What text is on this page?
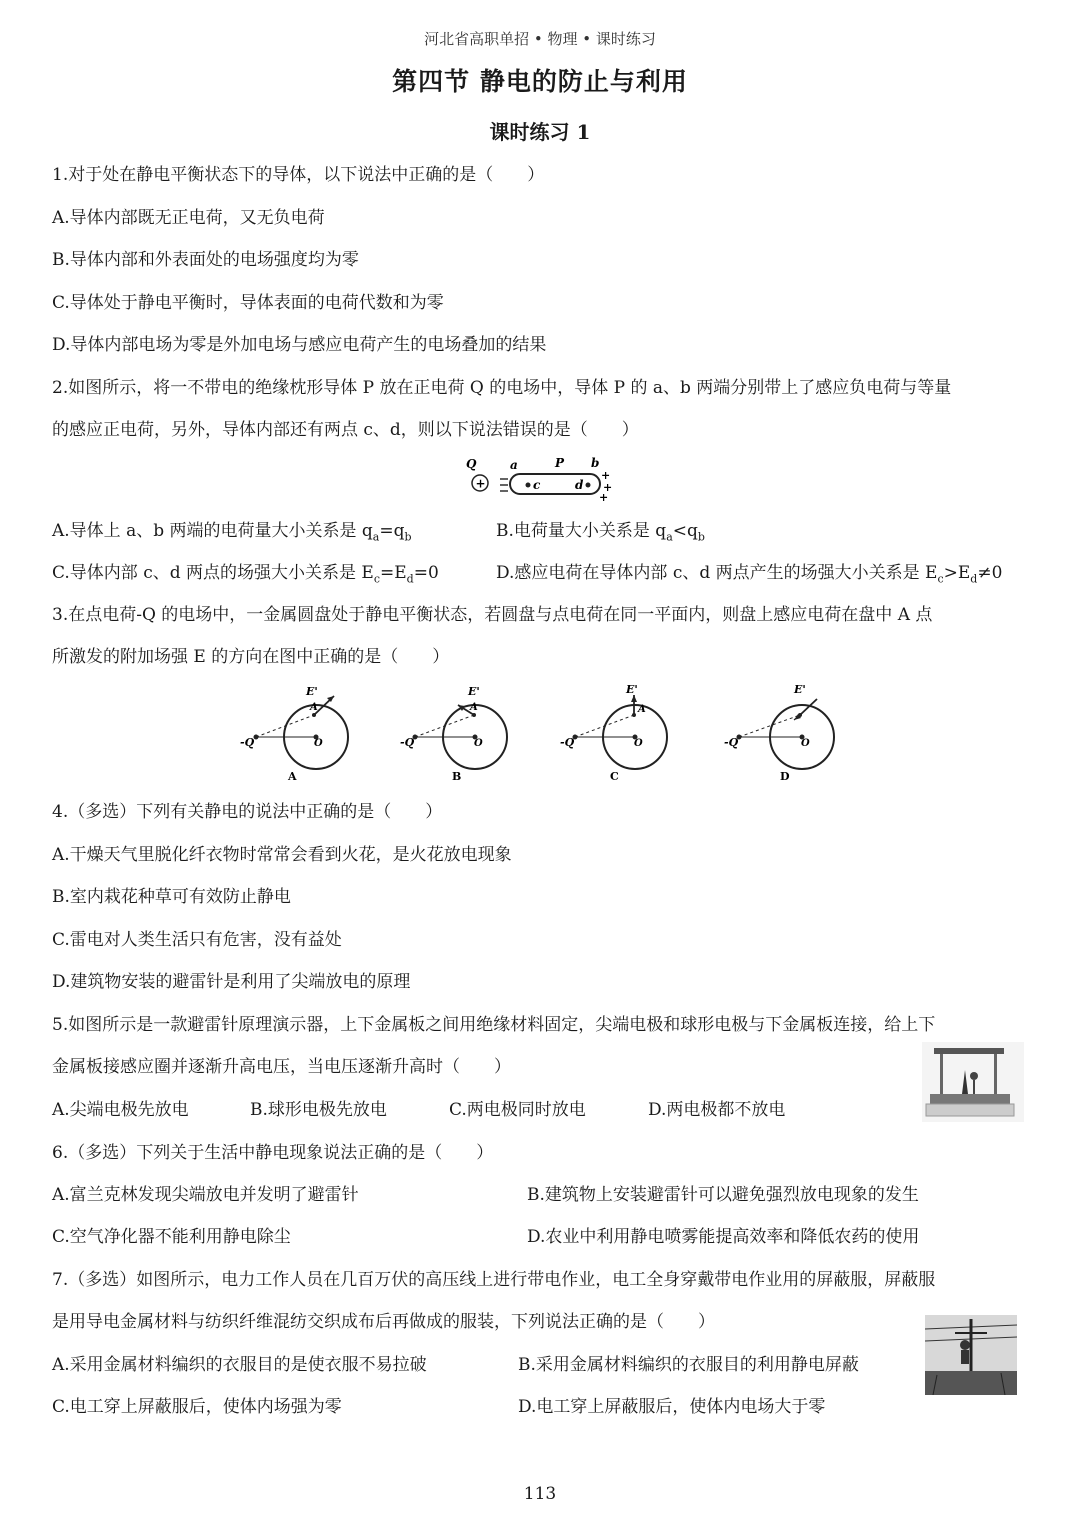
河北省高职单招 • 物理 • 课时练习
第四节 静电的防止与利用
课时练习 1
1.对于处在静电平衡状态下的导体，以下说法中正确的是（　　）
A.导体内部既无正电荷，又无负电荷
B.导体内部和外表面处的电场强度均为零
C.导体处于静电平衡时，导体表面的电荷代数和为零
D.导体内部电场为零是外加电场与感应电荷产生的电场叠加的结果
2.如图所示，将一不带电的绝缘枕形导体 P 放在正电荷 Q 的电场中，导体 P 的 a、b 两端分别带上了感应负电荷与等量
的感应正电荷，另外，导体内部还有两点 c、d，则以下说法错误的是（　　）
Q
+
a	P b
c	d
+
+
+
A.导体上 a、b 两端的电荷量大小关系是 $q_a=q_b$	B.电荷量大小关系是 $q_a<q_b$
C.导体内部 c、d 两点的场强大小关系是 $E_c=E_d=0$	D.感应电荷在导体内部 c、d 两点产生的场强大小关系是 $E_c>E_d\ne 0$
3.在点电荷-Q 的电场中，一金属圆盘处于静电平衡状态，若圆盘与点电荷在同一平面内，则盘上感应电荷在盘中 A 点
所激发的附加场强 E 的方向在图中正确的是（　　）
E'
A
-Q	O
A
E'
A
-Q	O
B
E'
A
-Q	O
C
E'
-Q	O
D
4.（多选）下列有关静电的说法中正确的是（　　）
A.干燥天气里脱化纤衣物时常常会看到火花，是火花放电现象
B.室内栽花种草可有效防止静电
C.雷电对人类生活只有危害，没有益处
D.建筑物安装的避雷针是利用了尖端放电的原理
5.如图所示是一款避雷针原理演示器，上下金属板之间用绝缘材料固定，尖端电极和球形电极与下金属板连接，给上下
金属板接感应圈并逐渐升高电压，当电压逐渐升高时（　　）
A.尖端电极先放电	B.球形电极先放电	C.两电极同时放电	D.两电极都不放电
6.（多选）下列关于生活中静电现象说法正确的是（　　）
A.富兰克林发现尖端放电并发明了避雷针	B.建筑物上安装避雷针可以避免强烈放电现象的发生
C.空气净化器不能利用静电除尘	D.农业中利用静电喷雾能提高效率和降低农药的使用
7.（多选）如图所示，电力工作人员在几百万伏的高压线上进行带电作业，电工全身穿戴带电作业用的屏蔽服，屏蔽服
是用导电金属材料与纺织纤维混纺交织成布后再做成的服装，下列说法正确的是（　　）
A.采用金属材料编织的衣服目的是使衣服不易拉破	B.采用金属材料编织的衣服目的利用静电屏蔽
C.电工穿上屏蔽服后，使体内场强为零	D.电工穿上屏蔽服后，使体内电场大于零
113
